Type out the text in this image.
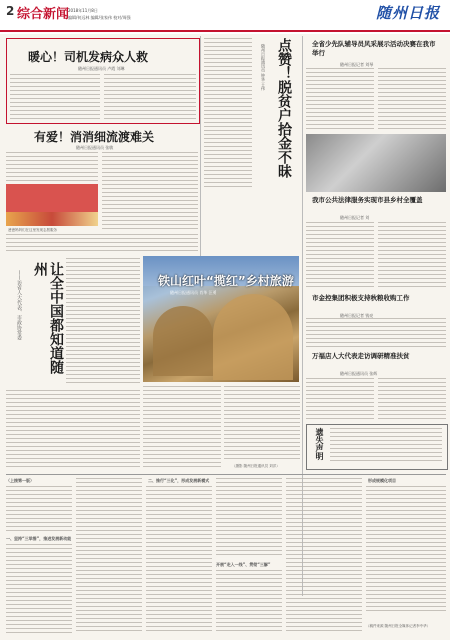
2 综合新闻
2018年11月8日
编辑/何远林 编辑/张家伟 校对/周强	随州日报
暖心！司机发病众人救
随州日报通讯员 卢霞 刘琳
有爱！消消细流渡难关
随州日报通讯员 张敏
爸爸妈妈们在这里发现志愿服务
点赞！脱贫户拾金不昧
随州日报通讯员 钟华 王伟
让全中国都知道随州
——访省人大代表、市政协常委	铁山红叶“揽红”乡村旅游
随州日报通讯员 肖华 汪勇
（摄影 随州日报通讯员 刘洋）
全省少先队辅导员风采展示活动决赛在我市举行
随州日报记者 刘琴
我市公共法律服务实现市县乡村全覆盖
随州日报记者 刘
市金控集团积极支持秋粮收购工作
随州日报记者 钱亮
万福店人大代表走访调研精准扶贫
随州日报通讯员 张辉
遗失声明
（上接第一版）
一、坚持“三举措”，推进发展新动能
二、推行“三化”，形成发展新模式
开展“走入一线”、贯彻“三解”
形成规模化项目
（稿件来源 随州日报全媒体记者李中华）
